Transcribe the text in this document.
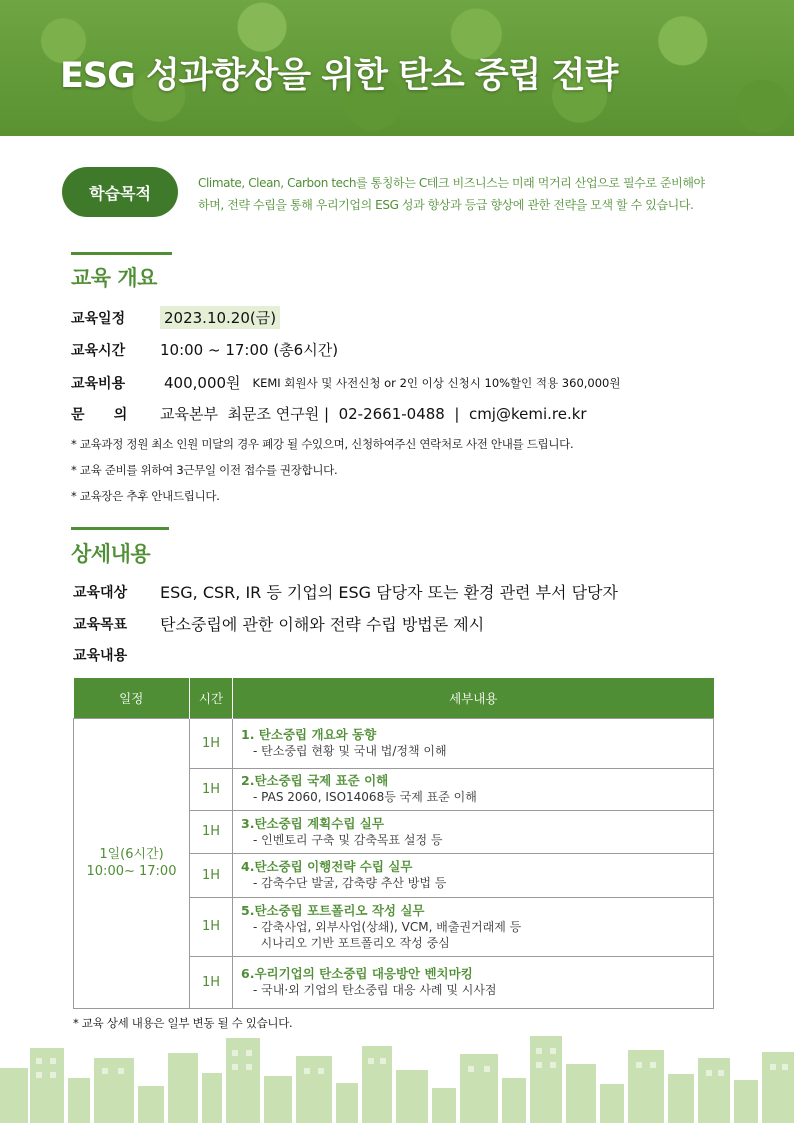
ESG 성과향상을 위한 탄소 중립 전략
학습목적
Climate, Clean, Carbon tech를 통칭하는 C테크 비즈니스는 미래 먹거리 산업으로 필수로 준비해야
하며, 전략 수립을 통해 우리기업의 ESG 성과 향상과 등급 향상에 관한 전략을 모색 할 수 있습니다.
교육 개요
교육일정	2023.10.20(금)
교육시간	10:00 ~ 17:00 (총6시간)
교육비용	400,000원 KEMI 회원사 및 사전신청 or 2인 이상 신청시 10%할인 적용 360,000원
문      의	교육본부  최문조 연구원 |  02-2661-0488  |  cmj@kemi.re.kr
* 교육과정 정원 최소 인원 미달의 경우 폐강 될 수있으며, 신청하여주신 연락처로 사전 안내를 드립니다.
* 교육 준비를 위하여 3근무일 이전 접수를 권장합니다.
* 교육장은 추후 안내드립니다.
상세내용
교육대상	ESG, CSR, IR 등 기업의 ESG 담당자 또는 환경 관련 부서 담당자
교육목표	탄소중립에 관한 이해와 전략 수립 방법론 제시
교육내용
일정	시간	세부내용

1일(6시간)
10:00~ 17:00	1H	1. 탄소중립 개요와 동향
- 탄소중립 현황 및 국내 법/정책 이해

	1H	2.탄소중립 국제 표준 이해
- PAS 2060, ISO14068등 국제 표준 이해

	1H	3.탄소중립 계획수립 실무
- 인벤토리 구축 및 감축목표 설정 등

	1H	4.탄소중립 이행전략 수립 실무
- 감축수단 발굴, 감축량 추산 방법 등

	1H	5.탄소중립 포트폴리오 작성 실무
- 감축사업, 외부사업(상쇄), VCM, 배출권거래제 등
시나리오 기반 포트폴리오 작성 중심

	1H	6.우리기업의 탄소중립 대응방안 벤치마킹
- 국내·외 기업의 탄소중립 대응 사례 및 시사점
* 교육 상세 내용은 일부 변동 될 수 있습니다.
